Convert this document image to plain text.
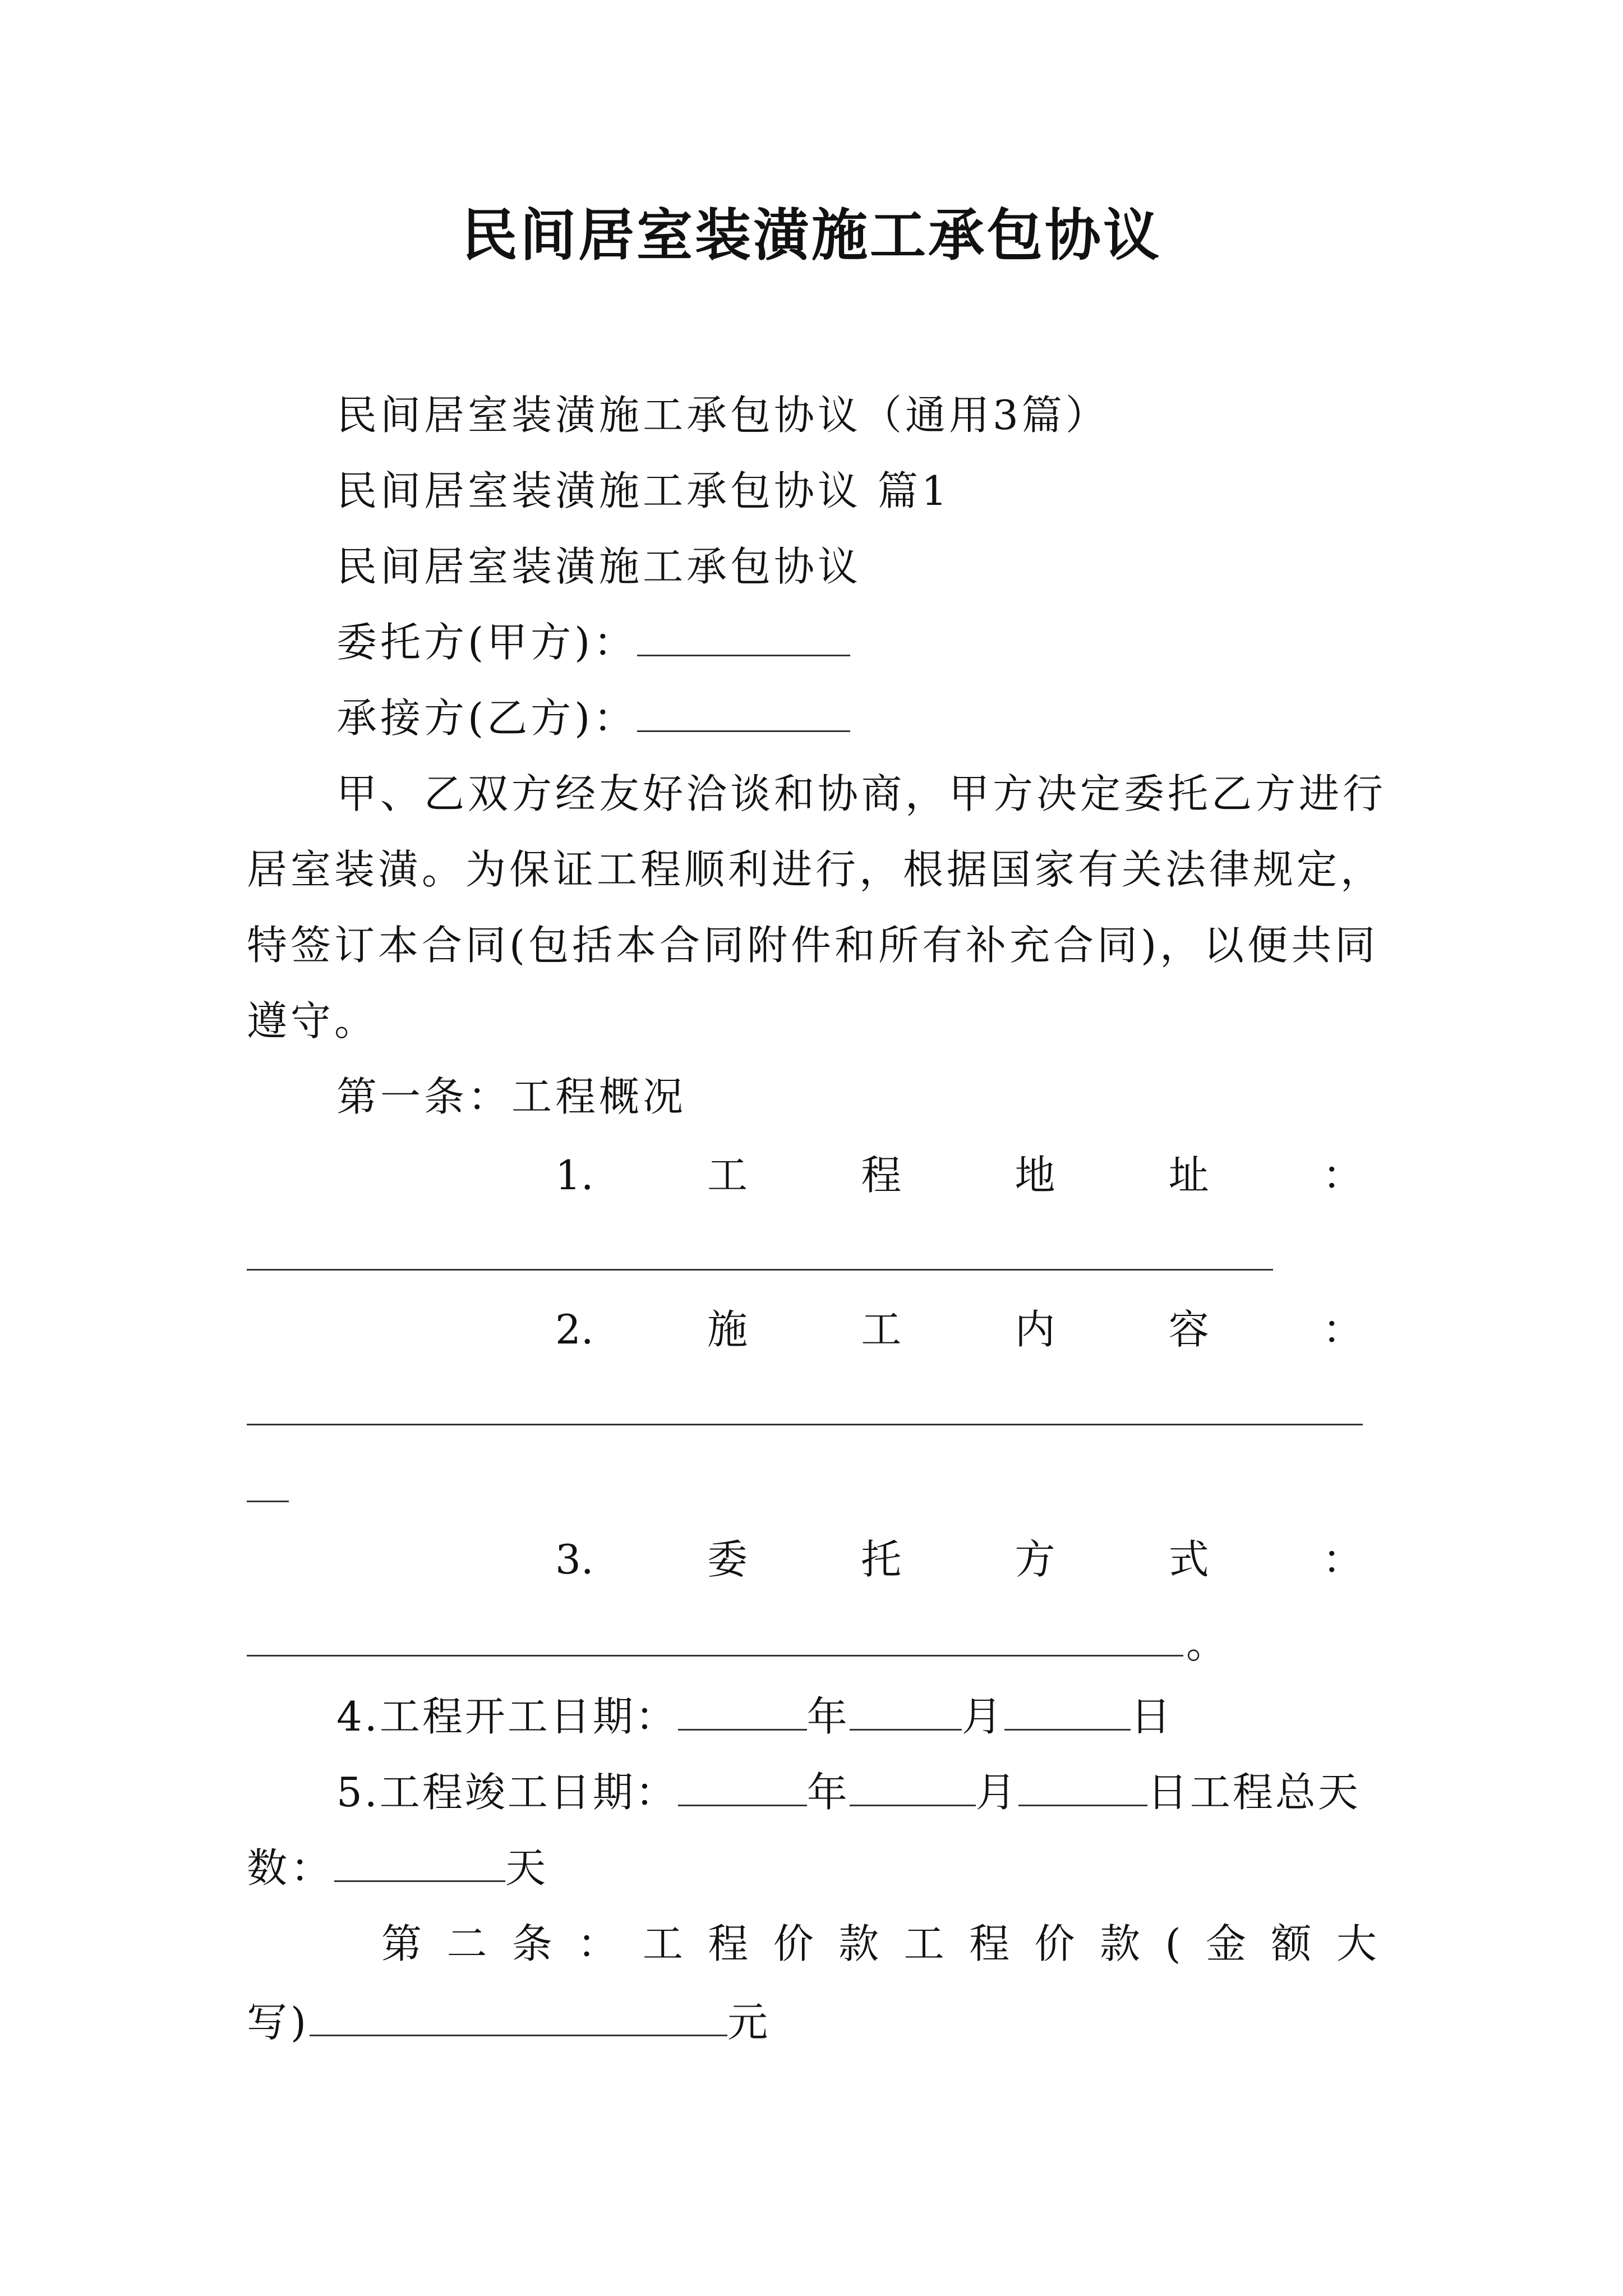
民间居室装潢施工承包协议
民间居室装潢施工承包协议（通用3篇）
民间居室装潢施工承包协议 篇1
民间居室装潢施工承包协议
委托方(甲方)：
承接方(乙方)：
甲、乙双方经友好洽谈和协商，甲方决定委托乙方进行
居室装潢。为保证工程顺利进行，根据国家有关法律规定，
特签订本合同(包括本合同附件和所有补充合同)，以便共同
遵守。
第一条：工程概况
1.	工	程	地	址	：
2.	施	工	内	容	：
3.	委	托	方	式	：
。
4.工程开工日期：	年	月	日
5.工程竣工日期：	年	月	日工程总天
数：	天
第 二 条 ： 工 程 价 款 工 程 价 款 ( 金 额 大
写)	元
